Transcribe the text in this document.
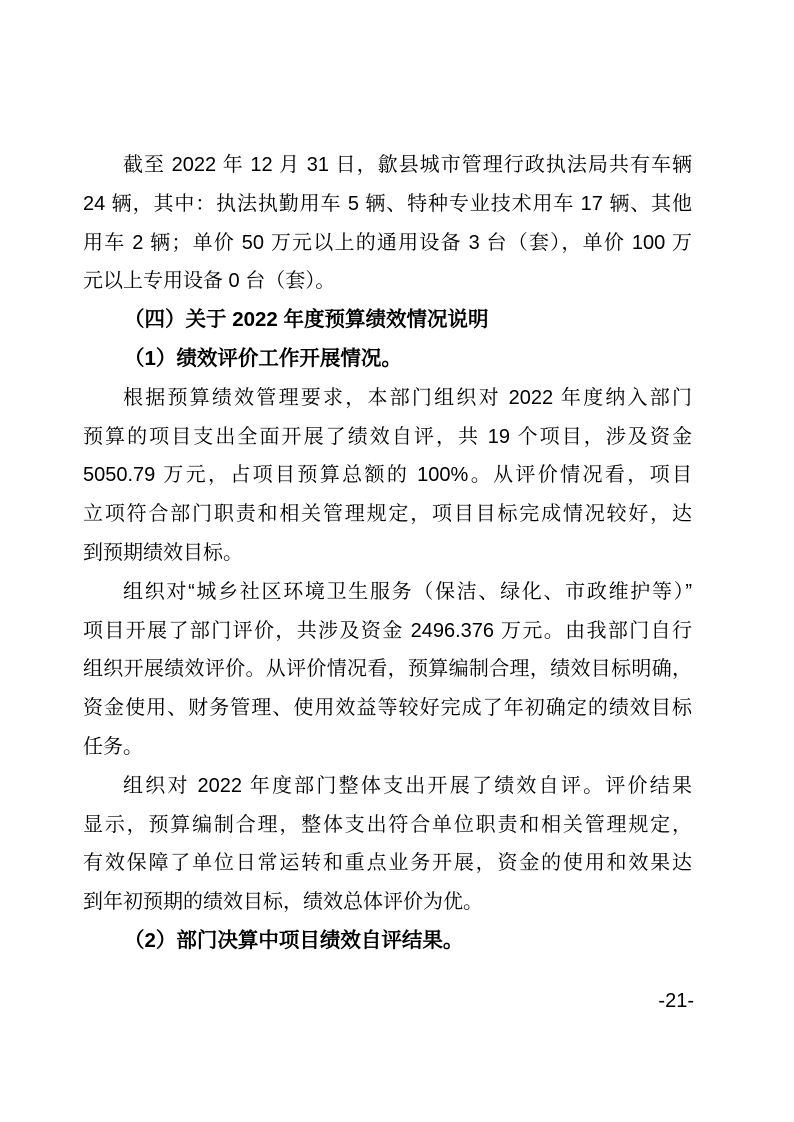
截至 2022 年 12 月 31 日，歙县城市管理行政执法局共有车辆
24 辆，其中：执法执勤用车 5 辆、特种专业技术用车 17 辆、其他
用车 2 辆；单价 50 万元以上的通用设备 3 台（套），单价 100 万
元以上专用设备 0 台（套）。
（四）关于 2022 年度预算绩效情况说明
（1）绩效评价工作开展情况。
根据预算绩效管理要求，本部门组织对 2022 年度纳入部门
预算的项目支出全面开展了绩效自评，共 19 个项目，涉及资金
5050.79 万元，占项目预算总额的 100%。从评价情况看，项目
立项符合部门职责和相关管理规定，项目目标完成情况较好，达
到预期绩效目标。
组织对“城乡社区环境卫生服务（保洁、绿化、市政维护等）”
项目开展了部门评价，共涉及资金 2496.376 万元。由我部门自行
组织开展绩效评价。从评价情况看，预算编制合理，绩效目标明确，
资金使用、财务管理、使用效益等较好完成了年初确定的绩效目标
任务。
组织对 2022 年度部门整体支出开展了绩效自评。评价结果
显示，预算编制合理，整体支出符合单位职责和相关管理规定，
有效保障了单位日常运转和重点业务开展，资金的使用和效果达
到年初预期的绩效目标，绩效总体评价为优。
（2）部门决算中项目绩效自评结果。
-21-
